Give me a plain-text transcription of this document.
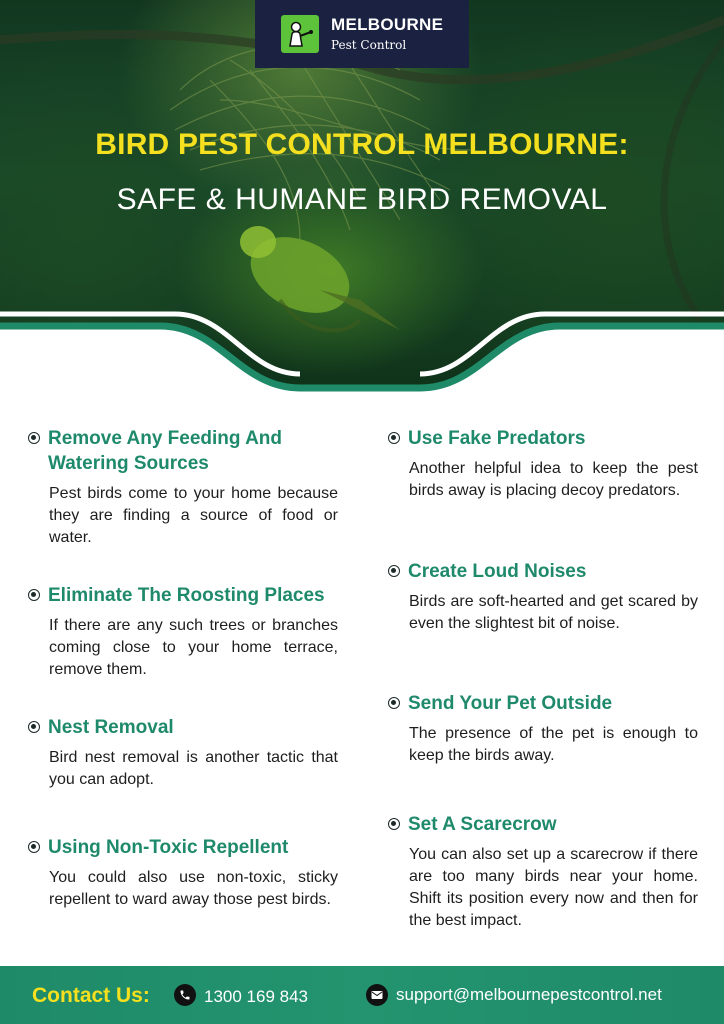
MELBOURNE
Pest Control
BIRD PEST CONTROL MELBOURNE:
SAFE & HUMANE BIRD REMOVAL
Remove Any Feeding And
Watering Sources
Pest birds come to your home because they are finding a source of food or water.
Eliminate The Roosting Places
If there are any such trees or branches coming close to your home terrace, remove them.
Nest Removal
Bird nest removal is another tactic that you can adopt.
Using Non-Toxic Repellent
You could also use non-toxic, sticky repellent to ward away those pest birds.
Use Fake Predators
Another helpful idea to keep the pest birds away is placing decoy predators.
Create Loud Noises
Birds are soft-hearted and get scared by even the slightest bit of noise.
Send Your Pet Outside
The presence of the pet is enough to keep the birds away.
Set A Scarecrow
You can also set up a scarecrow if there are too many birds near your home. Shift its position every now and then for the best impact.
Contact Us:	1300 169 843	support@melbournepestcontrol.net
